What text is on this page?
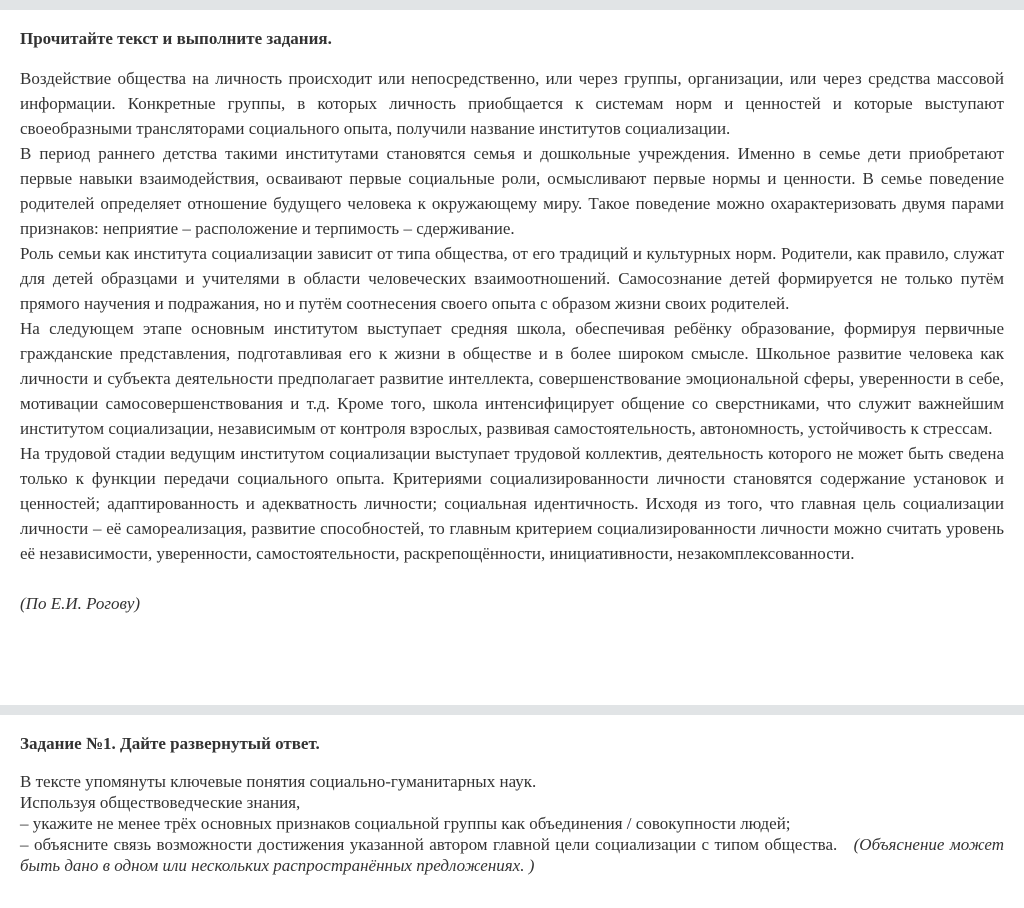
Прочитайте текст и выполните задания.

Воздействие общества на личность происходит или непосредственно, или через группы, организации, или через средства массовой информации. Конкретные группы, в которых личность приобщается к системам норм и ценностей и которые выступают своеобразными трансляторами социального опыта, получили название институтов социализации.

В период раннего детства такими институтами становятся семья и дошкольные учреждения. Именно в семье дети приобретают первые навыки взаимодействия, осваивают первые социальные роли, осмысливают первые нормы и ценности. В семье поведение родителей определяет отношение будущего человека к окружающему миру. Такое поведение можно охарактеризовать двумя парами признаков: неприятие – расположение и терпимость – сдерживание.

Роль семьи как института социализации зависит от типа общества, от его традиций и культурных норм. Родители, как правило, служат для детей образцами и учителями в области человеческих взаимоотношений. Самосознание детей формируется не только путём прямого научения и подражания, но и путём соотнесения своего опыта с образом жизни своих родителей.

На следующем этапе основным институтом выступает средняя школа, обеспечивая ребёнку образование, формируя первичные гражданские представления, подготавливая его к жизни в обществе и в более широком смысле. Школьное развитие человека как личности и субъекта деятельности предполагает развитие интеллекта, совершенствование эмоциональной сферы, уверенности в себе, мотивации самосовершенствования и т.д. Кроме того, школа интенсифицирует общение со сверстниками, что служит важнейшим институтом социализации, независимым от контроля взрослых, развивая самостоятельность, автономность, устойчивость к стрессам.

На трудовой стадии ведущим институтом социализации выступает трудовой коллектив, деятельность которого не может быть сведена только к функции передачи социального опыта. Критериями социализированности личности становятся содержание установок и ценностей; адаптированность и адекватность личности; социальная идентичность. Исходя из того, что главная цель социализации личности – её самореализация, развитие способностей, то главным критерием социализированности личности можно считать уровень её независимости, уверенности, самостоятельности, раскрепощённости, инициативности, незакомплексованности.

(По Е.И. Рогову)

Задание №1. Дайте развернутый ответ.

В тексте упомянуты ключевые понятия социально-гуманитарных наук.

Используя обществоведческие знания,

– укажите не менее трёх основных признаков социальной группы как объединения / совокупности людей;

– объясните связь возможности достижения указанной автором главной цели социализации с типом общества. (Объяснение может быть дано в одном или нескольких распространённых предложениях. )
